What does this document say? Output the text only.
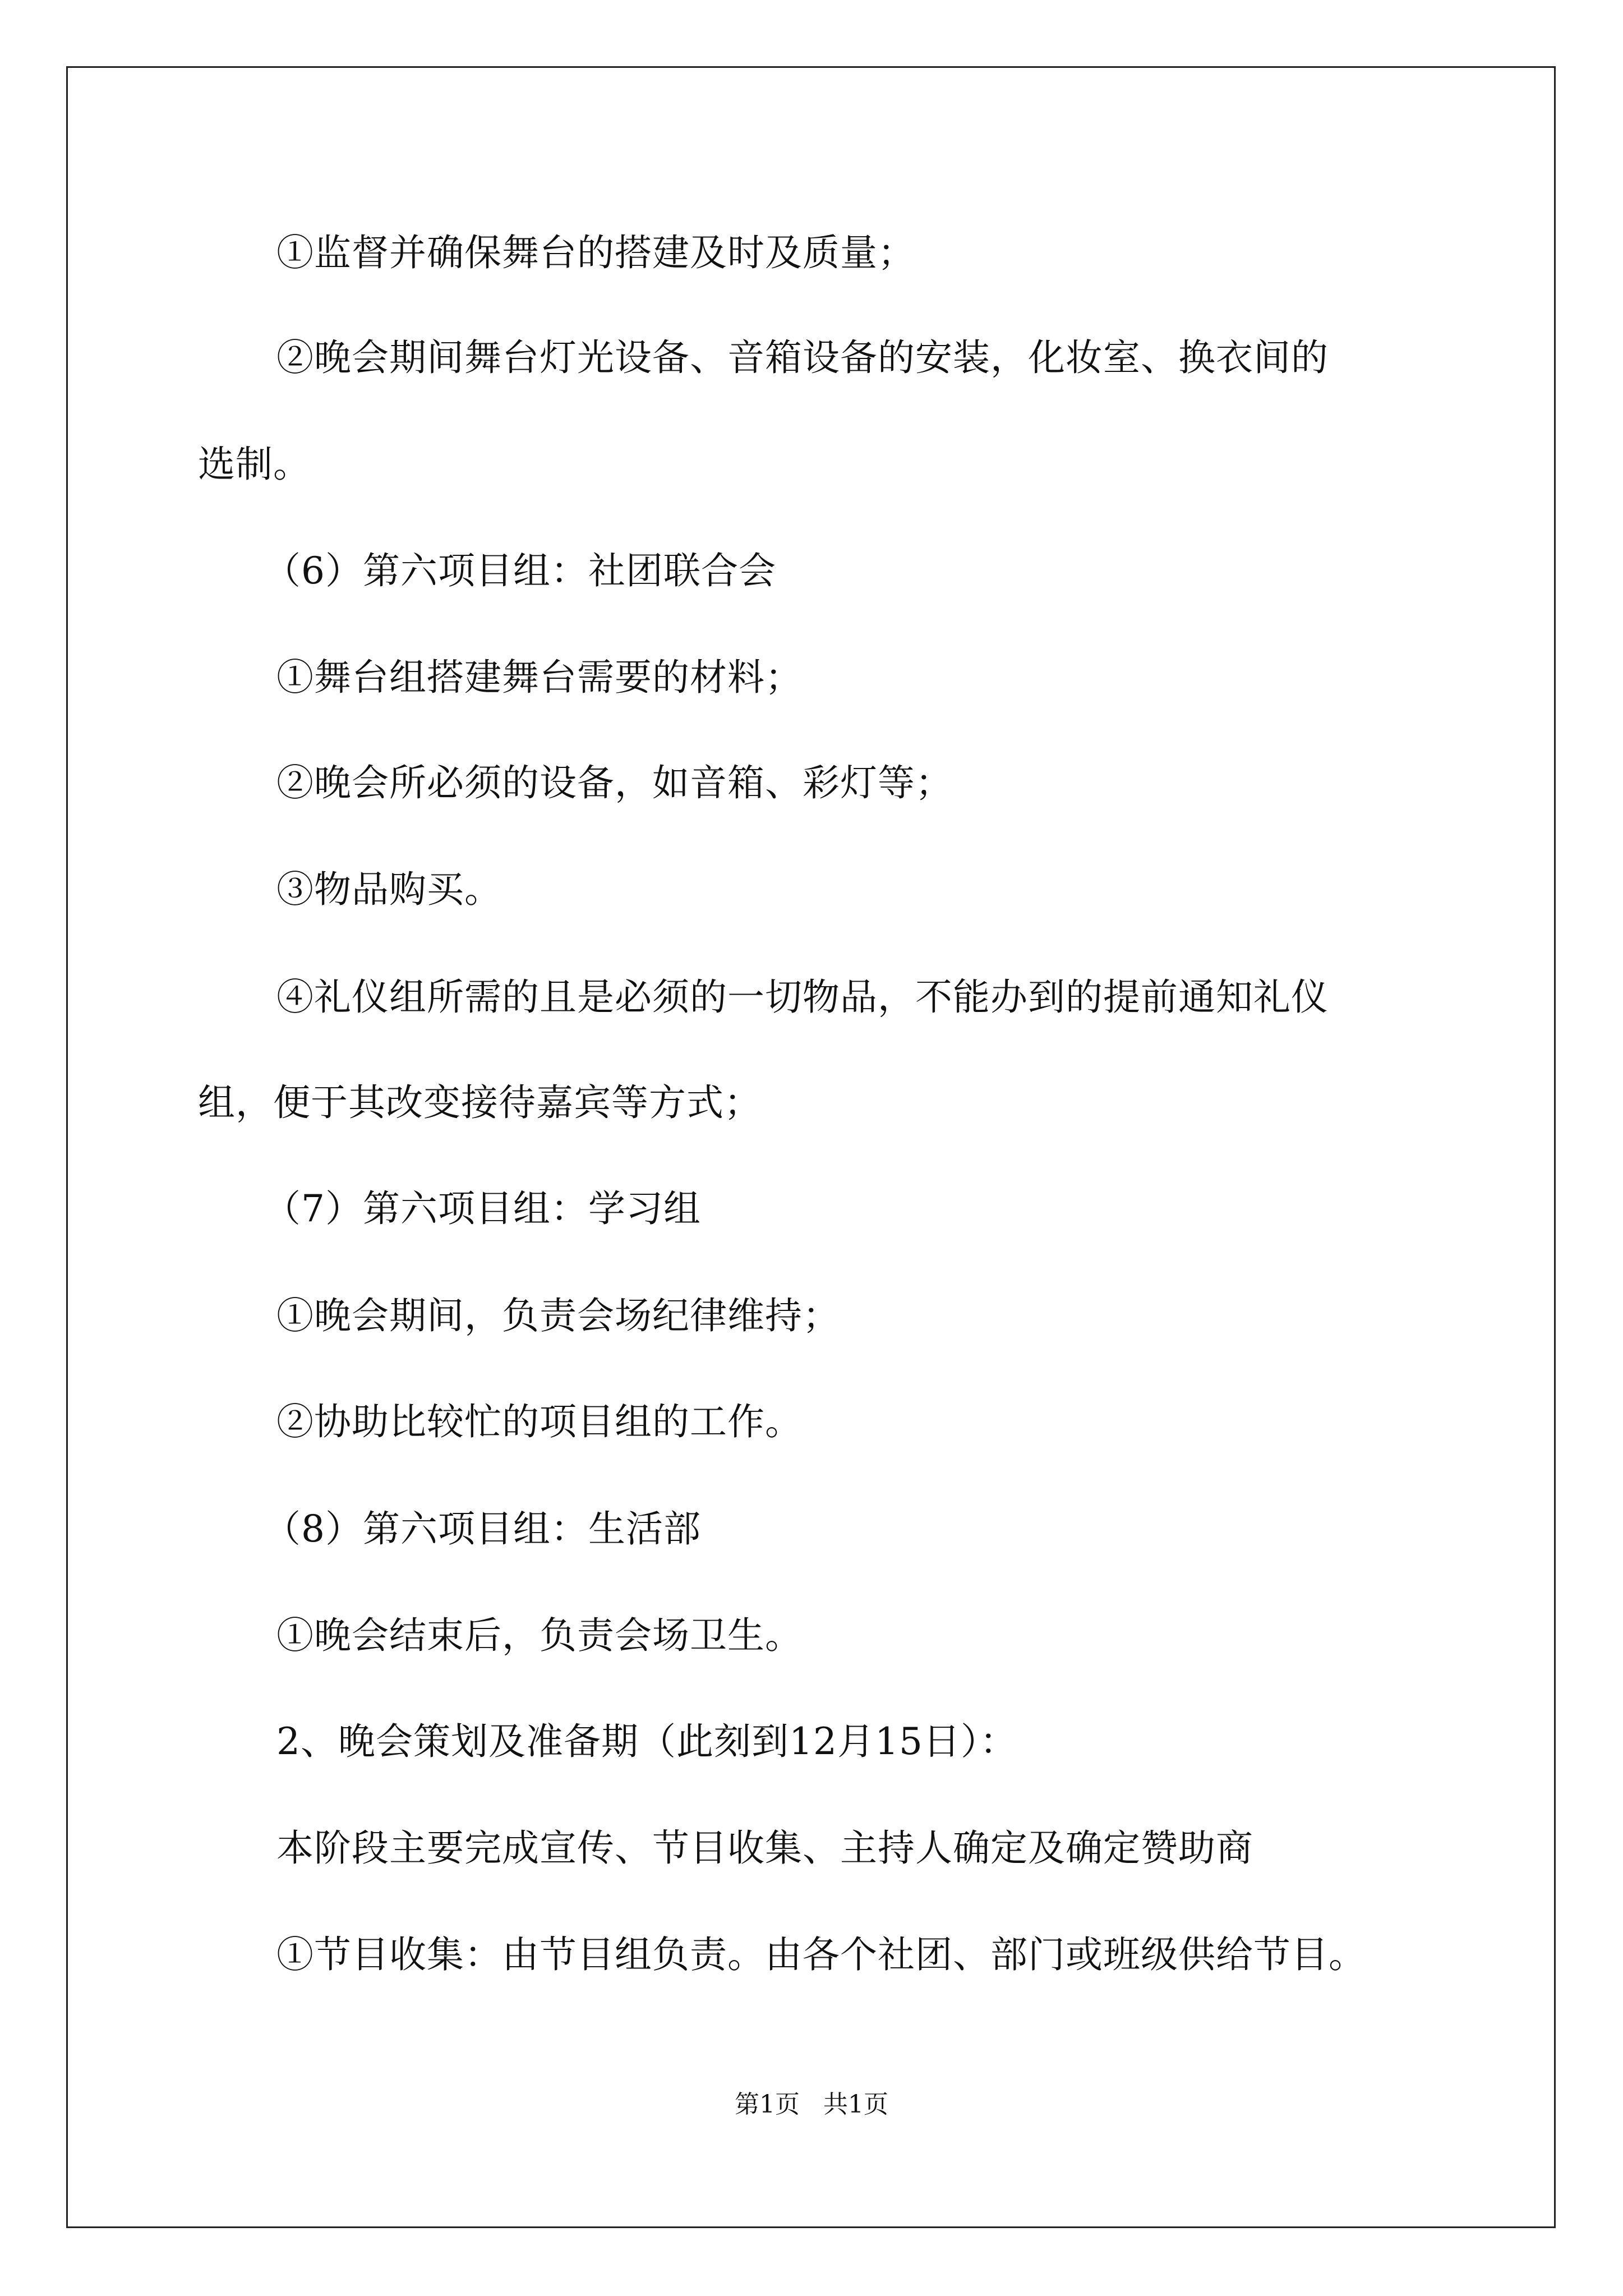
①监督并确保舞台的搭建及时及质量；
②晚会期间舞台灯光设备、音箱设备的安装，化妆室、换衣间的
选制。
（6）第六项目组：社团联合会
①舞台组搭建舞台需要的材料；
②晚会所必须的设备，如音箱、彩灯等；
③物品购买。
④礼仪组所需的且是必须的一切物品，不能办到的提前通知礼仪
组，便于其改变接待嘉宾等方式；
（7）第六项目组：学习组
①晚会期间，负责会场纪律维持；
②协助比较忙的项目组的工作。
（8）第六项目组：生活部
①晚会结束后，负责会场卫生。
2、晚会策划及准备期（此刻到12月15日）：
本阶段主要完成宣传、节目收集、主持人确定及确定赞助商
①节目收集：由节目组负责。由各个社团、部门或班级供给节目。
第1页   共1页
